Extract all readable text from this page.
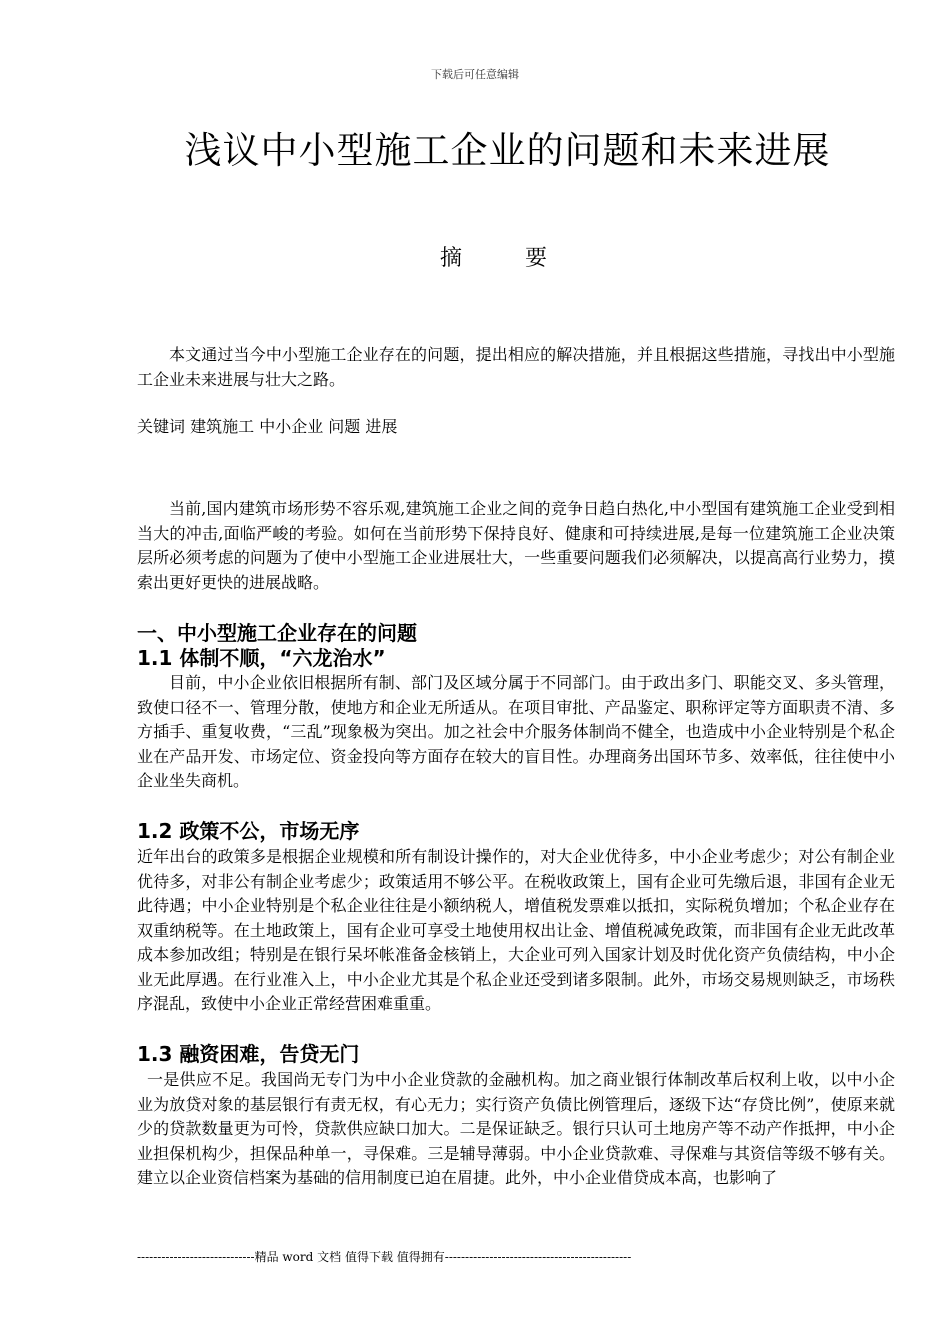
下载后可任意编辑
浅议中小型施工企业的问题和未来进展
摘 要

本文通过当今中小型施工企业存在的问题，提出相应的解决措施，并且根据这些措施，寻找出中小型施工企业未来进展与壮大之路。

关键词 建筑施工 中小企业 问题 进展

当前,国内建筑市场形势不容乐观,建筑施工企业之间的竞争日趋白热化,中小型国有建筑施工企业受到相当大的冲击,面临严峻的考验。如何在当前形势下保持良好、健康和可持续进展,是每一位建筑施工企业决策层所必须考虑的问题为了使中小型施工企业进展壮大，一些重要问题我们必须解决，以提高高行业势力，摸索出更好更快的进展战略。

一、中小型施工企业存在的问题
1.1 体制不顺，“六龙治水”

目前，中小企业依旧根据所有制、部门及区域分属于不同部门。由于政出多门、职能交叉、多头管理，致使口径不一、管理分散，使地方和企业无所适从。在项目审批、产品鉴定、职称评定等方面职责不清、多方插手、重复收费，“三乱”现象极为突出。加之社会中介服务体制尚不健全，也造成中小企业特别是个私企业在产品开发、市场定位、资金投向等方面存在较大的盲目性。办理商务出国环节多、效率低，往往使中小企业坐失商机。

1.2 政策不公，市场无序

近年出台的政策多是根据企业规模和所有制设计操作的，对大企业优待多，中小企业考虑少；对公有制企业优待多，对非公有制企业考虑少；政策适用不够公平。在税收政策上，国有企业可先缴后退，非国有企业无此待遇；中小企业特别是个私企业往往是小额纳税人，增值税发票难以抵扣，实际税负增加；个私企业存在双重纳税等。在土地政策上，国有企业可享受土地使用权出让金、增值税减免政策，而非国有企业无此改革成本参加改组；特别是在银行呆坏帐准备金核销上，大企业可列入国家计划及时优化资产负债结构，中小企业无此厚遇。在行业准入上，中小企业尤其是个私企业还受到诸多限制。此外，市场交易规则缺乏，市场秩序混乱，致使中小企业正常经营困难重重。

1.3 融资困难，告贷无门

一是供应不足。我国尚无专门为中小企业贷款的金融机构。加之商业银行体制改革后权利上收，以中小企业为放贷对象的基层银行有责无权，有心无力；实行资产负债比例管理后，逐级下达“存贷比例”，使原来就少的贷款数量更为可怜，贷款供应缺口加大。二是保证缺乏。银行只认可土地房产等不动产作抵押，中小企业担保机构少，担保品种单一，寻保难。三是辅导薄弱。中小企业贷款难、寻保难与其资信等级不够有关。建立以企业资信档案为基础的信用制度已迫在眉捷。此外，中小企业借贷成本高，也影响了

-----------------------------精品 word 文档 值得下载 值得拥有----------------------------------------------
